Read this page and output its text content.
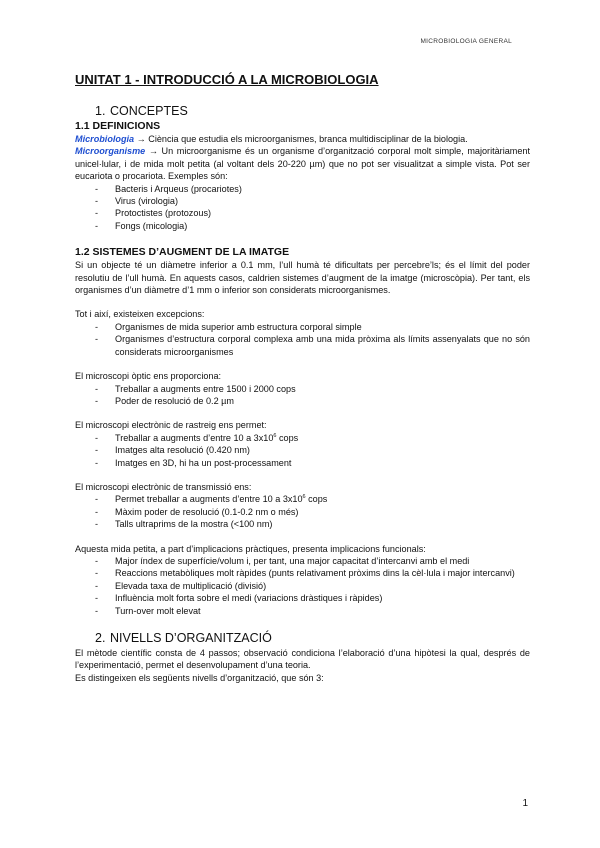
MICROBIOLOGIA GENERAL
UNITAT 1 - INTRODUCCIÓ A LA MICROBIOLOGIA
1. CONCEPTES
1.1 DEFINICIONS

Microbiologia → Ciència que estudia els microorganismes, branca multidisciplinar de la biologia.

Microorganisme → Un microorganisme és un organisme d’organització corporal molt simple, majoritàriament unicel·lular, i de mida molt petita (al voltant dels 20-220 µm) que no pot ser visualitzat a simple vista. Pot ser eucariota o procariota. Exemples són:

- Bacteris i Arqueus (procariotes)
- Virus (virologia)
- Protoctistes (protozous)
- Fongs (micologia)
1.2 SISTEMES D’AUGMENT DE LA IMATGE

Si un objecte té un diàmetre inferior a 0.1 mm, l’ull humà té dificultats per percebre’ls; és el límit del poder resolutiu de l’ull humà. En aquests casos, caldrien sistemes d’augment de la imatge (microscòpia). Per tant, els organismes d’un diàmetre d’1 mm o inferior son considerats microorganismes.

Tot i així, existeixen excepcions:

- Organismes de mida superior amb estructura corporal simple
- Organismes d’estructura corporal complexa amb una mida pròxima als límits assenyalats que no són considerats microorganismes

El microscopi òptic ens proporciona:

- Treballar a augments entre 1500 i 2000 cops
- Poder de resolució de 0.2 µm

El microscopi electrònic de rastreig ens permet:

- Treballar a augments d’entre 10 a $3x10^6$ cops
- Imatges alta resolució (0.420 nm)
- Imatges en 3D, hi ha un post-processament

El microscopi electrònic de transmissió ens:

- Permet treballar a augments d’entre 10 a $3x10^6$ cops
- Màxim poder de resolució (0.1-0.2 nm o més)
- Talls ultraprims de la mostra (<100 nm)

Aquesta mida petita, a part d’implicacions pràctiques, presenta implicacions funcionals:

- Major índex de superfície/volum i, per tant, una major capacitat d’intercanvi amb el medi
- Reaccions metabòliques molt ràpides (punts relativament pròxims dins la cèl·lula i major intercanvi)
- Elevada taxa de multiplicació (divisió)
- Influència molt forta sobre el medi (variacions dràstiques i ràpides)
- Turn-over molt elevat
2. NIVELLS D’ORGANITZACIÓ

El mètode científic consta de 4 passos; observació condiciona l’elaboració d’una hipòtesi la qual, després de l’experimentació, permet el desenvolupament d’una teoria.

Es distingeixen els següents nivells d’organització, que són 3:

1
